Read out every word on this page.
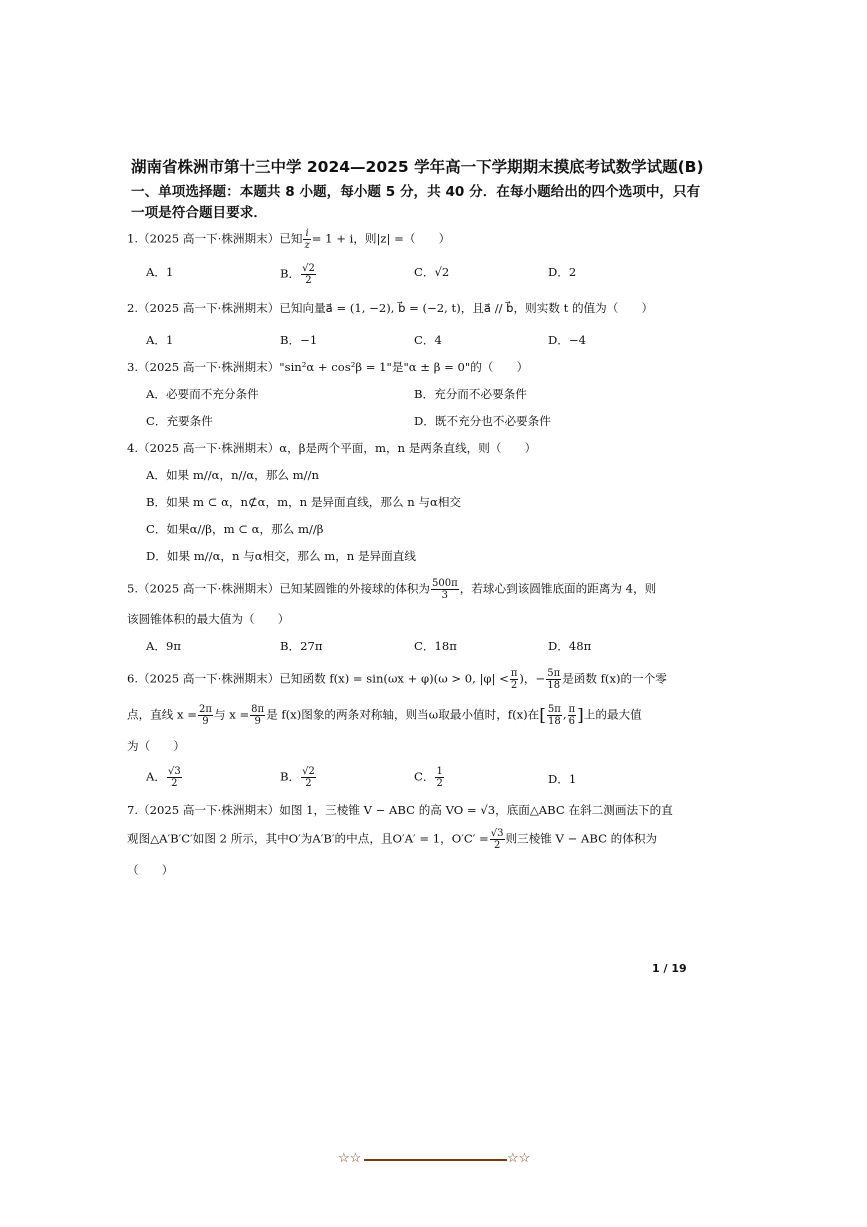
湖南省株洲市第十三中学 2024—2025 学年高一下学期期末摸底考试数学试题(B)
一、单项选择题：本题共 8 小题，每小题 5 分，共 40 分．在每小题给出的四个选项中，只有一项是符合题目要求．
1.（2025 高一下·株洲期末）已知 $\frac{i}{z} = 1 + i$，则|z| =（　　）
A．1	B． $\frac{√2}{2}$	C．√2	D．2
2.（2025 高一下·株洲期末）已知向量a⃗ = (1, −2), b⃗ = (−2, t)，且a⃗ // b⃗，则实数 t 的值为（　　）
A．1	B．−1	C．4	D．−4
3.（2025 高一下·株洲期末）"sin²α + cos²β = 1"是"α ± β = 0"的（　　）
A．必要而不充分条件	B．充分而不必要条件
C．充要条件	D．既不充分也不必要条件
4.（2025 高一下·株洲期末）α，β是两个平面，m，n 是两条直线，则（　　）
A．如果 m//α，n//α，那么 m//n
B．如果 m ⊂ α，n⊄α，m，n 是异面直线，那么 n 与α相交
C．如果α//β，m ⊂ α，那么 m//β
D．如果 m//α，n 与α相交，那么 m，n 是异面直线
5.（2025 高一下·株洲期末）已知某圆锥的外接球的体积为 $\frac{500\pi}{3}$ ，若球心到该圆锥底面的距离为 4，则
该圆锥体积的最大值为（　　）
A．9π	B．27π	C．18π	D．48π
6.（2025 高一下·株洲期末）已知函数 f(x) = sin(ωx + φ)(ω > 0, $|\varphi| < \frac{\pi}{2}$ )，− $\frac{5\pi}{18}$ 是函数 f(x)的一个零
点，直线 $x = \frac{2\pi}{9}$ 与 $x = \frac{8\pi}{9}$ 是 f(x)图象的两条对称轴，则当ω取最小值时，f(x)在[ $\frac{5\pi}{18}$ , $\frac{\pi}{6}$ ]上的最大值
为（　　）
A． $\frac{√3}{2}$	B． $\frac{√2}{2}$	C． $\frac{1}{2}$	D．1
7.（2025 高一下·株洲期末）如图 1，三棱锥 V − ABC 的高 VO = √3，底面△ABC 在斜二测画法下的直
观图△A′B′C′如图 2 所示，其中O′为A′B′的中点，且O′A′ = 1，$O'C' = \frac{√3}{2}$ 则三棱锥 V − ABC 的体积为
（　　）
1 / 19
☆☆	☆☆
